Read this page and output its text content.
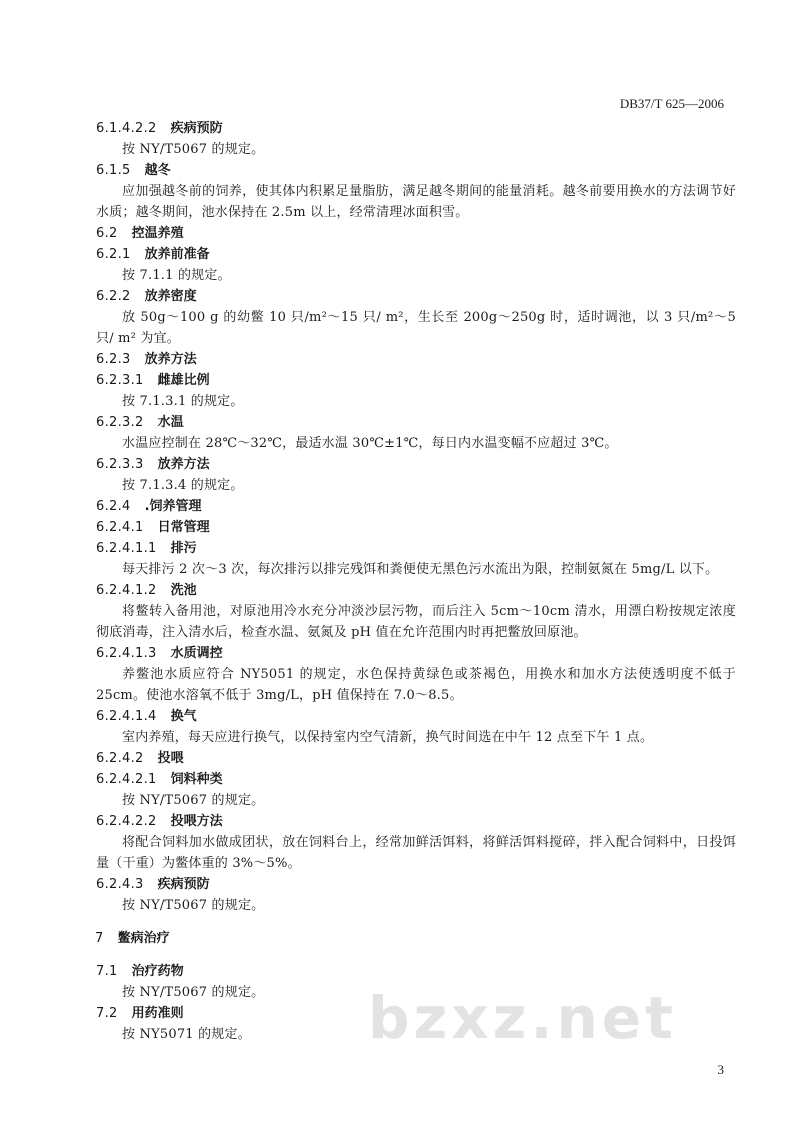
DB37/T 625—2006
6.1.4.2.2 疾病预防
按 NY/T5067 的规定。
6.1.5 越冬
应加强越冬前的饲养，使其体内积累足量脂肪，满足越冬期间的能量消耗。越冬前要用换水的方法调节好水质；越冬期间，池水保持在 2.5m 以上，经常清理冰面积雪。
6.2 控温养殖
6.2.1 放养前准备
按 7.1.1 的规定。
6.2.2 放养密度
放 50g～100 g 的幼鳖 10 只/m²～15 只/ m²，生长至 200g～250g 时，适时调池，以 3 只/m²～5 只/ m² 为宜。
6.2.3 放养方法
6.2.3.1 雌雄比例
按 7.1.3.1 的规定。
6.2.3.2 水温
水温应控制在 28℃～32℃，最适水温 30℃±1℃，每日内水温变幅不应超过 3℃。
6.2.3.3 放养方法
按 7.1.3.4 的规定。
6.2.4 .饲养管理
6.2.4.1 日常管理
6.2.4.1.1 排污
每天排污 2 次～3 次，每次排污以排完残饵和粪便使无黑色污水流出为限，控制氨氮在 5mg/L 以下。
6.2.4.1.2 洗池
将鳖转入备用池，对原池用冷水充分冲淡沙层污物，而后注入 5cm～10cm 清水，用漂白粉按规定浓度彻底消毒，注入清水后，检查水温、氨氮及 pH 值在允许范围内时再把鳖放回原池。
6.2.4.1.3 水质调控
养鳖池水质应符合 NY5051 的规定，水色保持黄绿色或茶褐色，用换水和加水方法使透明度不低于 25cm。使池水溶氧不低于 3mg/L，pH 值保持在 7.0～8.5。
6.2.4.1.4 换气
室内养殖，每天应进行换气，以保持室内空气清新，换气时间选在中午 12 点至下午 1 点。
6.2.4.2 投喂
6.2.4.2.1 饲料种类
按 NY/T5067 的规定。
6.2.4.2.2 投喂方法
将配合饲料加水做成团状，放在饲料台上，经常加鲜活饵料，将鲜活饵料搅碎，拌入配合饲料中，日投饵量（干重）为鳖体重的 3%～5%。
6.2.4.3 疾病预防
按 NY/T5067 的规定。
7 鳖病治疗
7.1 治疗药物
按 NY/T5067 的规定。
7.2 用药准则
按 NY5071 的规定。	bzxz.net
3
